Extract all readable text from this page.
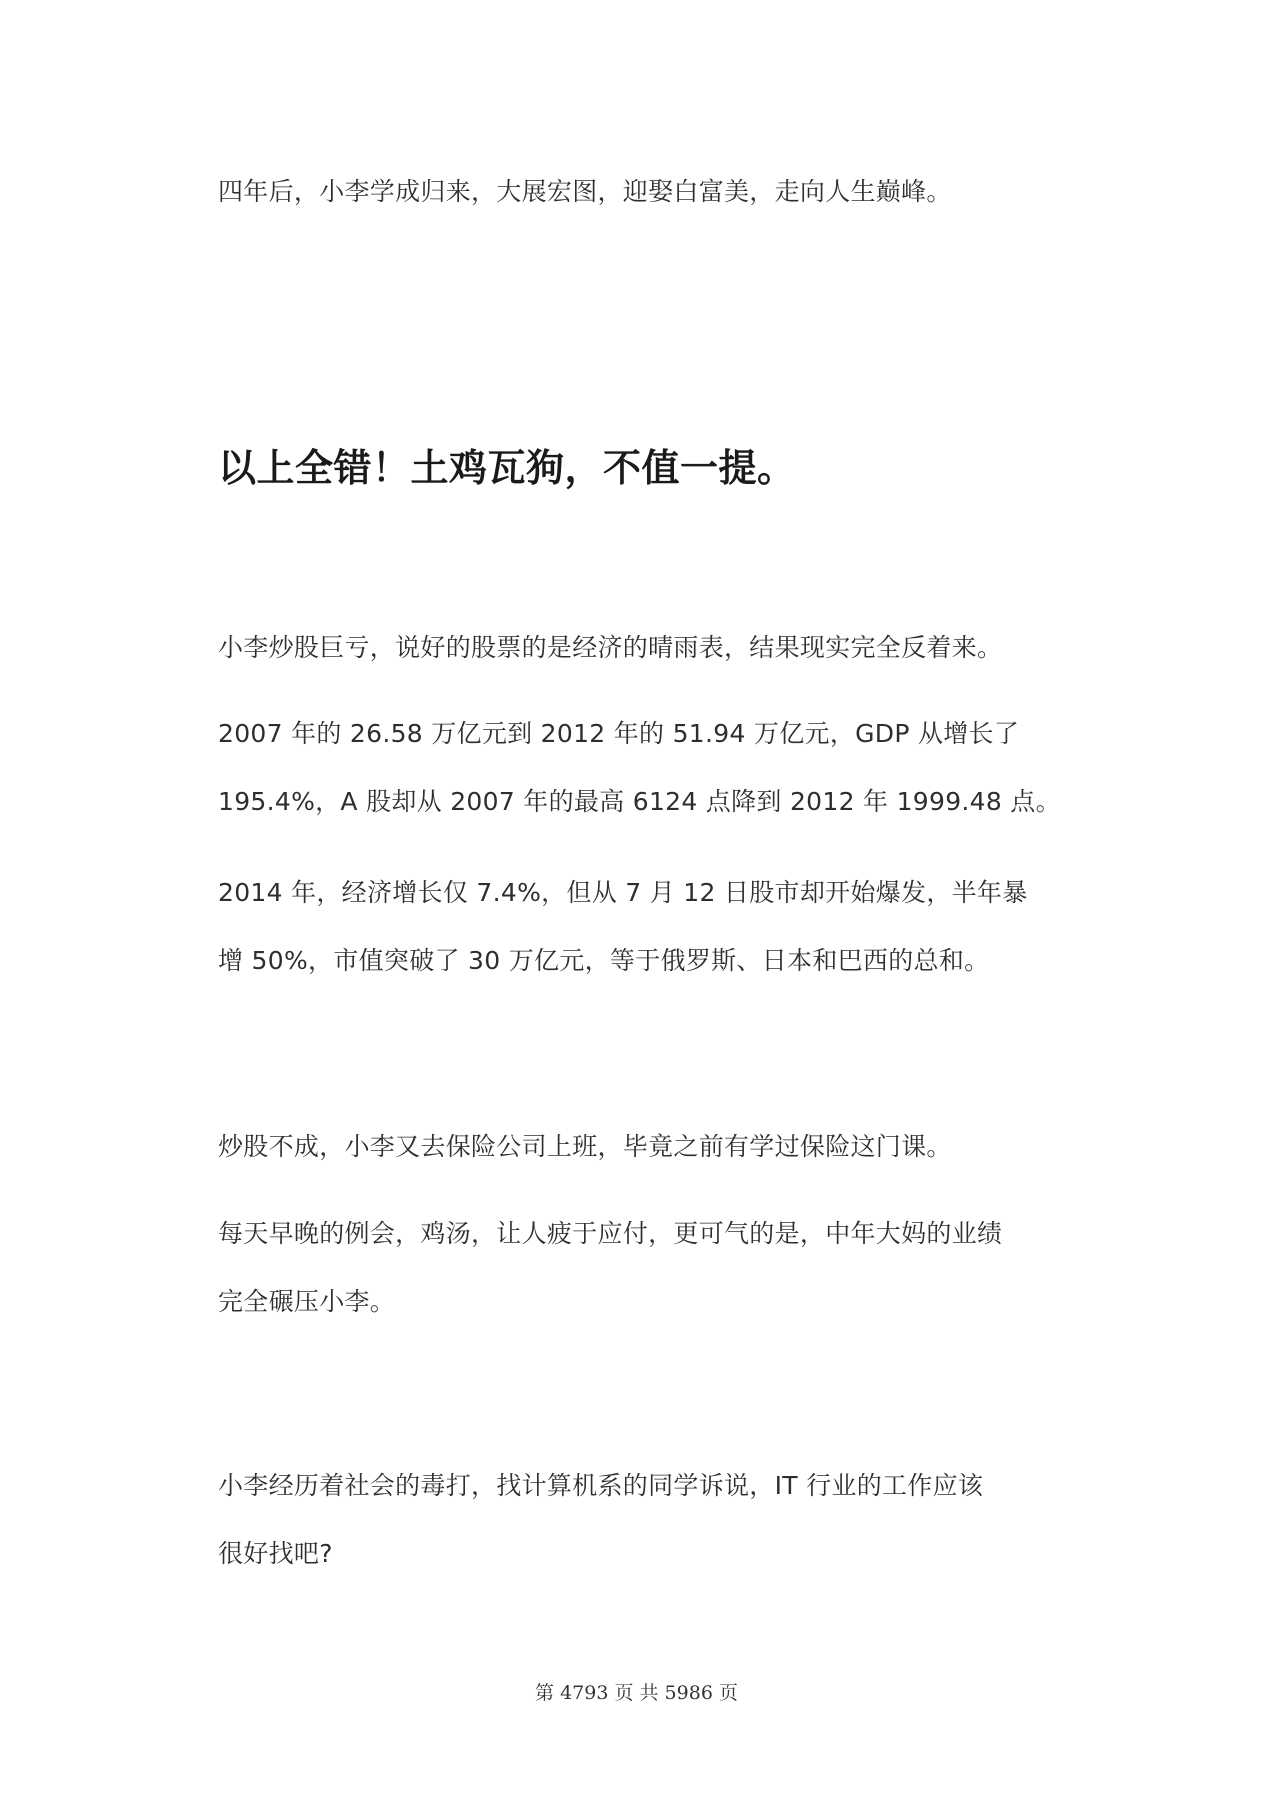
四年后，小李学成归来，大展宏图，迎娶白富美，走向人生巅峰。

以上全错！土鸡瓦狗，不值一提。

小李炒股巨亏，说好的股票的是经济的晴雨表，结果现实完全反着来。

2007 年的 26.58 万亿元到 2012 年的 51.94 万亿元，GDP 从增长了

195.4%，A 股却从 2007 年的最高 6124 点降到 2012 年 1999.48 点。

2014 年，经济增长仅 7.4%，但从 7 月 12 日股市却开始爆发，半年暴

增 50%，市值突破了 30 万亿元，等于俄罗斯、日本和巴西的总和。

炒股不成，小李又去保险公司上班，毕竟之前有学过保险这门课。

每天早晚的例会，鸡汤，让人疲于应付，更可气的是，中年大妈的业绩

完全碾压小李。

小李经历着社会的毒打，找计算机系的同学诉说，IT 行业的工作应该

很好找吧?

第 4793 页 共 5986 页
